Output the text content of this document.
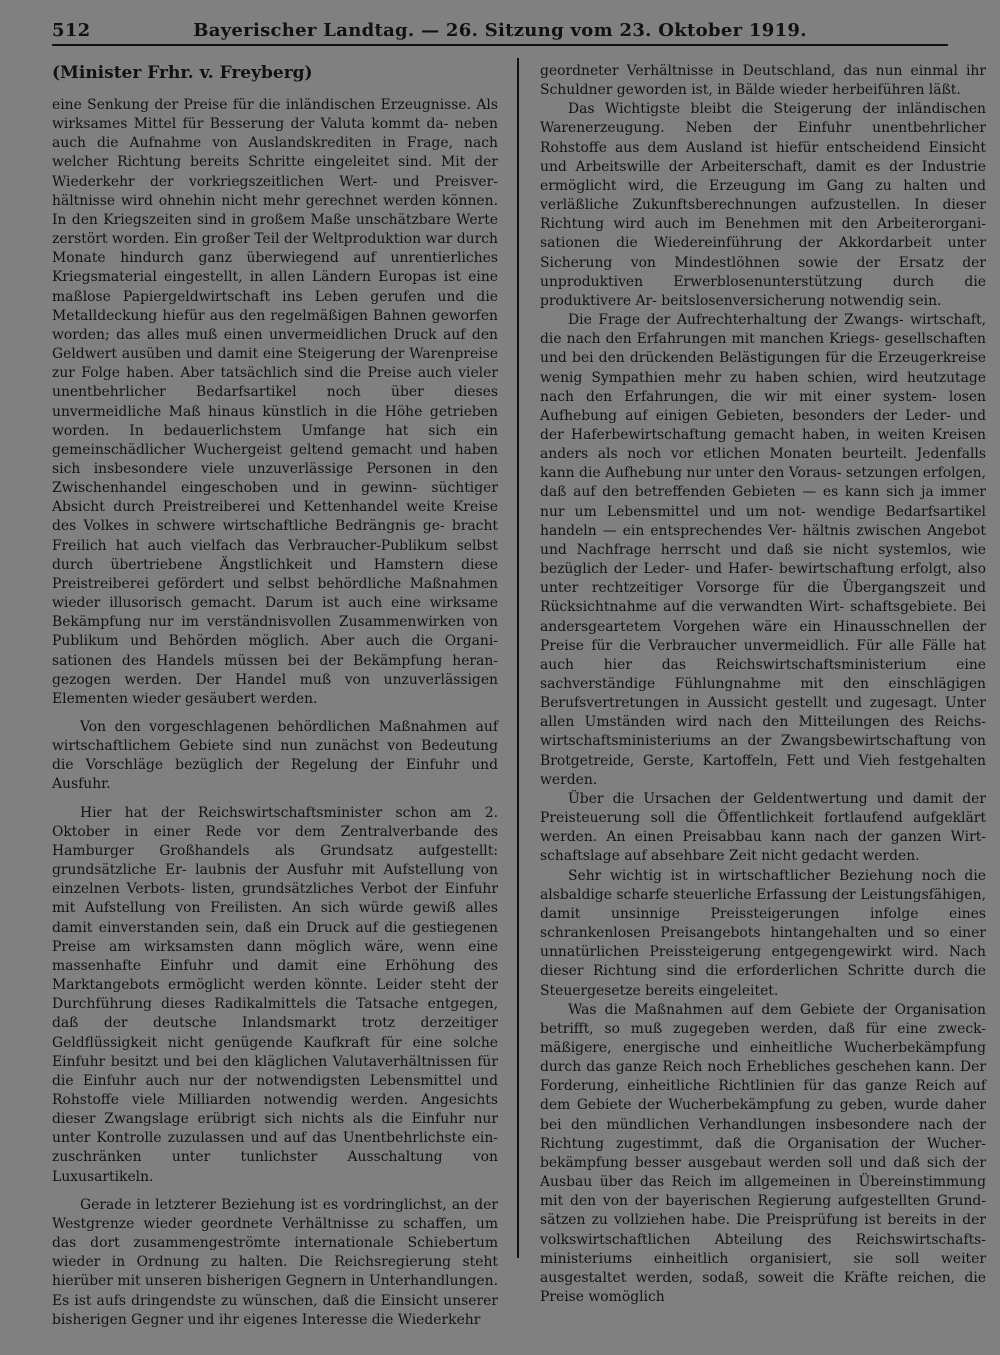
512	Bayerischer Landtag. — 26. Sitzung vom 23. Oktober 1919.
(Minister Frhr. v. Freyberg)

eine Senkung der Preise für die inländischen Erzeugnisse. Als wirksames Mittel für Besserung der Valuta kommt da- neben auch die Aufnahme von Auslandskrediten in Frage, nach welcher Richtung bereits Schritte eingeleitet sind. Mit der Wiederkehr der vorkriegszeitlichen Wert- und Preisver- hältnisse wird ohnehin nicht mehr gerechnet werden können. In den Kriegszeiten sind in großem Maße unschätzbare Werte zerstört worden. Ein großer Teil der Weltproduktion war durch Monate hindurch ganz überwiegend auf unrentierliches Kriegsmaterial eingestellt, in allen Ländern Europas ist eine maßlose Papiergeldwirtschaft ins Leben gerufen und die Metalldeckung hiefür aus den regelmäßigen Bahnen geworfen worden; das alles muß einen unvermeidlichen Druck auf den Geldwert ausüben und damit eine Steigerung der Warenpreise zur Folge haben. Aber tatsächlich sind die Preise auch vieler unentbehrlicher Bedarfsartikel noch über dieses unvermeidliche Maß hinaus künstlich in die Höhe getrieben worden. In bedauerlichstem Umfange hat sich ein gemeinschädlicher Wuchergeist geltend gemacht und haben sich insbesondere viele unzuverlässige Personen in den Zwischenhandel eingeschoben und in gewinn- süchtiger Absicht durch Preistreiberei und Kettenhandel weite Kreise des Volkes in schwere wirtschaftliche Bedrängnis ge- bracht Freilich hat auch vielfach das Verbraucher-Publikum selbst durch übertriebene Ängstlichkeit und Hamstern diese Preistreiberei gefördert und selbst behördliche Maßnahmen wieder illusorisch gemacht. Darum ist auch eine wirksame Bekämpfung nur im verständnisvollen Zusammenwirken von Publikum und Behörden möglich. Aber auch die Organi- sationen des Handels müssen bei der Bekämpfung heran- gezogen werden. Der Handel muß von unzuverlässigen Elementen wieder gesäubert werden.

Von den vorgeschlagenen behördlichen Maßnahmen auf wirtschaftlichem Gebiete sind nun zunächst von Bedeutung die Vorschläge bezüglich der Regelung der Einfuhr und Ausfuhr.

Hier hat der Reichswirtschaftsminister schon am 2. Oktober in einer Rede vor dem Zentralverbande des Hamburger Großhandels als Grundsatz aufgestellt: grundsätzliche Er- laubnis der Ausfuhr mit Aufstellung von einzelnen Verbots- listen, grundsätzliches Verbot der Einfuhr mit Aufstellung von Freilisten. An sich würde gewiß alles damit einverstanden sein, daß ein Druck auf die gestiegenen Preise am wirksamsten dann möglich wäre, wenn eine massenhafte Einfuhr und damit eine Erhöhung des Marktangebots ermöglicht werden könnte. Leider steht der Durchführung dieses Radikalmittels die Tatsache entgegen, daß der deutsche Inlandsmarkt trotz derzeitiger Geldflüssigkeit nicht genügende Kaufkraft für eine solche Einfuhr besitzt und bei den kläglichen Valutaverhältnissen für die Einfuhr auch nur der notwendigsten Lebensmittel und Rohstoffe viele Milliarden notwendig werden. Angesichts dieser Zwangslage erübrigt sich nichts als die Einfuhr nur unter Kontrolle zuzulassen und auf das Unentbehrlichste ein- zuschränken unter tunlichster Ausschaltung von Luxusartikeln.

Gerade in letzterer Beziehung ist es vordringlichst, an der Westgrenze wieder geordnete Verhältnisse zu schaffen, um das dort zusammengeströmte internationale Schiebertum wieder in Ordnung zu halten. Die Reichsregierung steht hierüber mit unseren bisherigen Gegnern in Unterhandlungen. Es ist aufs dringendste zu wünschen, daß die Einsicht unserer bisherigen Gegner und ihr eigenes Interesse die Wiederkehr

geordneter Verhältnisse in Deutschland, das nun einmal ihr Schuldner geworden ist, in Bälde wieder herbeiführen läßt.

Das Wichtigste bleibt die Steigerung der inländischen Warenerzeugung. Neben der Einfuhr unentbehrlicher Rohstoffe aus dem Ausland ist hiefür entscheidend Einsicht und Arbeitswille der Arbeiterschaft, damit es der Industrie ermöglicht wird, die Erzeugung im Gang zu halten und verläßliche Zukunftsberechnungen aufzustellen. In dieser Richtung wird auch im Benehmen mit den Arbeiterorgani- sationen die Wiedereinführung der Akkordarbeit unter Sicherung von Mindestlöhnen sowie der Ersatz der unproduktiven Erwerblosenunterstützung durch die produktivere Ar- beitslosenversicherung notwendig sein.

Die Frage der Aufrechterhaltung der Zwangs- wirtschaft, die nach den Erfahrungen mit manchen Kriegs- gesellschaften und bei den drückenden Belästigungen für die Erzeugerkreise wenig Sympathien mehr zu haben schien, wird heutzutage nach den Erfahrungen, die wir mit einer system- losen Aufhebung auf einigen Gebieten, besonders der Leder- und der Haferbewirtschaftung gemacht haben, in weiten Kreisen anders als noch vor etlichen Monaten beurteilt. Jedenfalls kann die Aufhebung nur unter den Voraus- setzungen erfolgen, daß auf den betreffenden Gebieten — es kann sich ja immer nur um Lebensmittel und um not- wendige Bedarfsartikel handeln — ein entsprechendes Ver- hältnis zwischen Angebot und Nachfrage herrscht und daß sie nicht systemlos, wie bezüglich der Leder- und Hafer- bewirtschaftung erfolgt, also unter rechtzeitiger Vorsorge für die Übergangszeit und Rücksichtnahme auf die verwandten Wirt- schaftsgebiete. Bei andersgeartetem Vorgehen wäre ein Hinausschnellen der Preise für die Verbraucher unvermeidlich. Für alle Fälle hat auch hier das Reichswirtschaftsministerium eine sachverständige Fühlungnahme mit den einschlägigen Berufsvertretungen in Aussicht gestellt und zugesagt. Unter allen Umständen wird nach den Mitteilungen des Reichs- wirtschaftsministeriums an der Zwangsbewirtschaftung von Brotgetreide, Gerste, Kartoffeln, Fett und Vieh festgehalten werden.

Über die Ursachen der Geldentwertung und damit der Preisteuerung soll die Öffentlichkeit fortlaufend aufgeklärt werden. An einen Preisabbau kann nach der ganzen Wirt- schaftslage auf absehbare Zeit nicht gedacht werden.

Sehr wichtig ist in wirtschaftlicher Beziehung noch die alsbaldige scharfe steuerliche Erfassung der Leistungsfähigen, damit unsinnige Preissteigerungen infolge eines schrankenlosen Preisangebots hintangehalten und so einer unnatürlichen Preissteigerung entgegengewirkt wird. Nach dieser Richtung sind die erforderlichen Schritte durch die Steuergesetze bereits eingeleitet.

Was die Maßnahmen auf dem Gebiete der Organisation betrifft, so muß zugegeben werden, daß für eine zweck- mäßigere, energische und einheitliche Wucherbekämpfung durch das ganze Reich noch Erhebliches geschehen kann. Der Forderung, einheitliche Richtlinien für das ganze Reich auf dem Gebiete der Wucherbekämpfung zu geben, wurde daher bei den mündlichen Verhandlungen insbesondere nach der Richtung zugestimmt, daß die Organisation der Wucher- bekämpfung besser ausgebaut werden soll und daß sich der Ausbau über das Reich im allgemeinen in Übereinstimmung mit den von der bayerischen Regierung aufgestellten Grund- sätzen zu vollziehen habe. Die Preisprüfung ist bereits in der volkswirtschaftlichen Abteilung des Reichswirtschafts- ministeriums einheitlich organisiert, sie soll weiter ausgestaltet werden, sodaß, soweit die Kräfte reichen, die Preise womöglich
